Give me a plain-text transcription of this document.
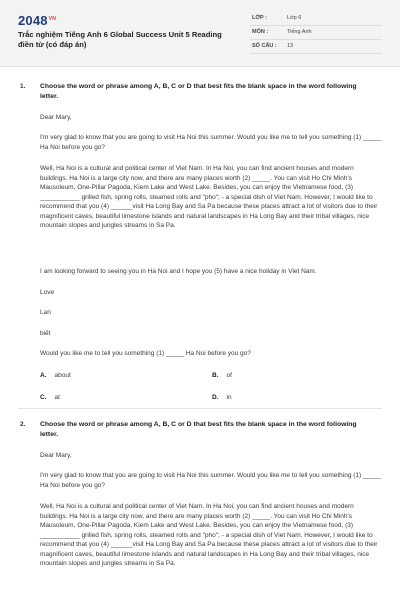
$2048^{VN}$
Trắc nghiệm Tiếng Anh 6 Global Success Unit 5 Reading điền từ (có đáp án)
LỚP :	Lớp 6
MÔN :	Tiếng Anh
SỐ CÂU : 13
1. Choose the word or phrase among A, B, C or D that best fits the blank space in the word following letter.
Dear Mary,
I'm very glad to know that you are going to visit Ha Noi this summer. Would you like me to tell you something (1) _____ Ha Noi before you go?
Well, Ha Noi is a cultural and political center of Viet Nam. In Ha Noi, you can find ancient houses and modern buildings. Ha Noi is a large city now, and there are many places worth (2) _____. You can visit Ho Chi Minh's Mausoleum, One-Pillar Pagoda, Kiem Lake and West Lake. Besides, you can enjoy the Vietnamese food, (3) ___________ grilled fish, spring rolls, steamed rolls and "pho"; - a special dish of Viet Nam. However, I would like to recommend that you (4) ______visit Ha Long Bay and Sa Pa because these places attract a lot of visitors due to their magnificent caves, beautiful limestone islands and natural landscapes in Ha Long Bay and their tribal villages, nice mountain slopes and jungles streams in Sa Pa.
I am looking forward to seeing you in Ha Noi and I hope you (5) have a nice holiday in Viet Nam.
Love
Lan
biết
Would you like me to tell you something (1) _____ Ha Noi before you go?
A. about	B. of
C. at	D. in
2. Choose the word or phrase among A, B, C or D that best fits the blank space in the word following letter.
Dear Mary,
I'm very glad to know that you are going to visit Ha Noi this summer. Would you like me to tell you something (1) _____ Ha Noi before you go?
Well, Ha Noi is a cultural and political center of Viet Nam. In Ha Noi, you can find ancient houses and modern buildings. Ha Noi is a large city now, and there are many places worth (2) _____. You can visit Ho Chi Minh's Mausoleum, One-Pillar Pagoda, Kiem Lake and West Lake. Besides, you can enjoy the Vietnamese food, (3) ___________ grilled fish, spring rolls, steamed rolls and "pho"; - a special dish of Viet Nam. However, I would like to recommend that you (4) ______visit Ha Long Bay and Sa Pa because these places attract a lot of visitors due to their magnificent caves, beautiful limestone islands and natural landscapes in Ha Long Bay and their tribal villages, nice mountain slopes and jungles streams in Sa Pa.
